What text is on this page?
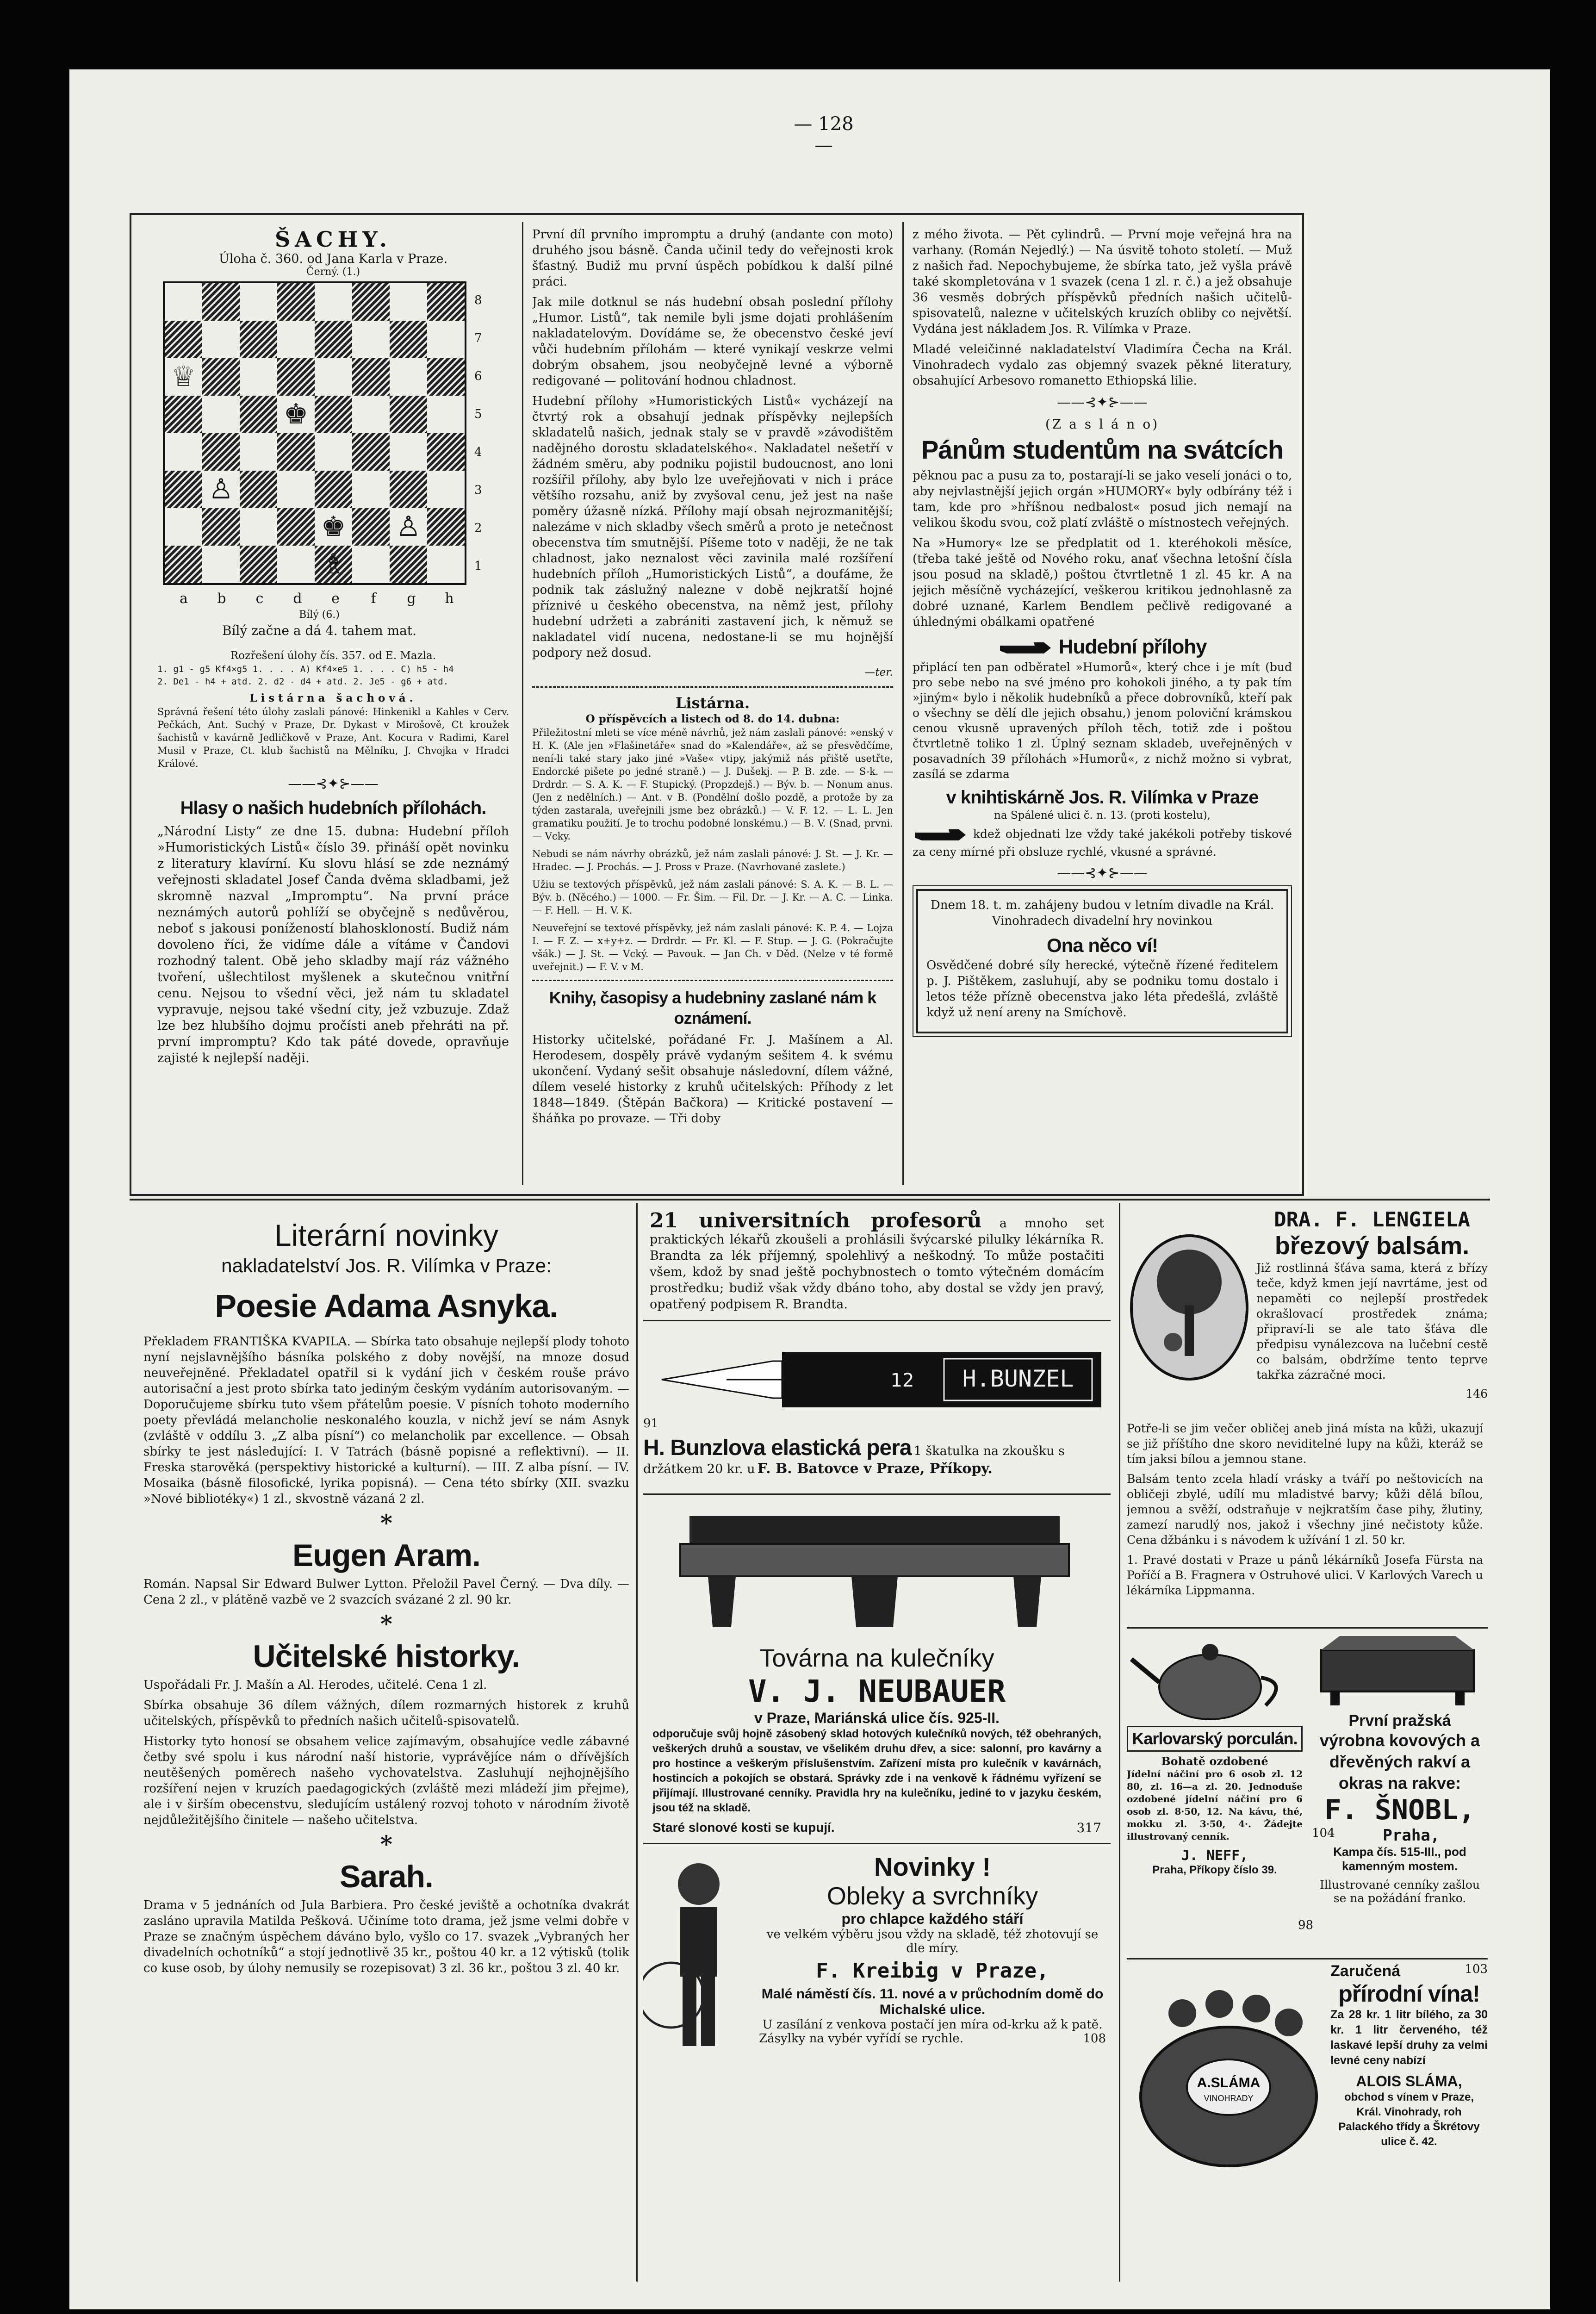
— 128 —
ŠACHY.
Úloha č. 360. od Jana Karla v Praze.
Černý. (1.)

♕							

			♚				

	♙						

				♚		♙	

				♗			

8
7
6
5
4
3
2
1
a	b	c	d	e	f	g	h
Bílý (6.)
Bílý začne a dá 4. tahem mat.
Rozřešení úlohy čís. 357. od E. Mazla.
1. g1 - g5 Kf4×g5 1. . . . A) Kf4×e5 1. . . . C) h5 - h4
2. De1 - h4 + atd. 2. d2 - d4 + atd. 2. Je5 - g6 + atd.
Listárna šachová.

Správná řešení této úlohy zaslali pánové: Hinkenikl a Kahles v Cerv. Pečkách, Ant. Suchý v Praze, Dr. Dykast v Mirošově, Ct kroužek šachistů v kavárně Jedličkově v Praze, Ant. Kocura v Radimi, Karel Musil v Praze, Ct. klub šachistů na Mělníku, J. Chvojka v Hradci Králové.

——⊰✦⊱——
Hlasy o našich hudebních přílohách.

„Národní Listy“ ze dne 15. dubna: Hudební příloh »Humoristických Listů« číslo 39. přináší opět novinku z literatury klavírní. Ku slovu hlásí se zde neznámý veřejnosti skladatel Josef Čanda dvěma skladbami, jež skromně nazval „Impromptu“. Na první práce neznámých autorů pohlíží se obyčejně s nedůvěrou, neboť s jakousi ponížeností blahoskloností. Budiž nám dovoleno říci, že vidíme dále a vítáme v Čandovi rozhodný talent. Obě jeho skladby mají ráz vážného tvoření, ušlechtilost myšlenek a skutečnou vnitřní cenu. Nejsou to všední věci, jež nám tu skladatel vypravuje, nejsou také všední city, jež vzbuzuje. Zdaž lze bez hlubšího dojmu pročísti aneb přehráti na př. první impromptu? Kdo tak páté dovede, opravňuje zajisté k nejlepší naději.

První díl prvního impromptu a druhý (andante con moto) druhého jsou básně. Čanda učinil tedy do veřejnosti krok šťastný. Budiž mu první úspěch pobídkou k další pilné práci.

Jak mile dotknul se nás hudební obsah poslední přílohy „Humor. Listů“, tak nemile byli jsme dojati prohlášením nakladatelovým. Dovídáme se, že obecenstvo české jeví vůči hudebním přílohám — které vynikají veskrze velmi dobrým obsahem, jsou neobyčejně levné a výborně redigované — politování hodnou chladnost.

Hudební přílohy »Humoristických Listů« vycházejí na čtvrtý rok a obsahují jednak příspěvky nejlepších skladatelů našich, jednak staly se v pravdě »závodištěm nadějného dorostu skladatelského«. Nakladatel nešetří v žádném směru, aby podniku pojistil budoucnost, ano loni rozšířil přílohy, aby bylo lze uveřejňovati v nich i práce většího rozsahu, aniž by zvyšoval cenu, jež jest na naše poměry úžasně nízká. Přílohy mají obsah nejrozmanitější; nalezáme v nich skladby všech směrů a proto je netečnost obecenstva tím smutnější. Píšeme toto v naději, že ne tak chladnost, jako neznalost věci zavinila malé rozšíření hudebních příloh „Humoristických Listů“, a doufáme, že podnik tak záslužný nalezne v době nejkratší hojné příznivé u českého obecenstva, na němž jest, přílohy hudební udržeti a zabrániti zastavení jich, k němuž se nakladatel vidí nucena, nedostane-li se mu hojnější podpory než dosud.

—ter.
Listárna.
O příspěvcích a listech od 8. do 14. dubna:

Přiležitostní mleti se více méně návrhů, jež nám zaslali pánové: »enský v H. K. (Ale jen »Flašinetáře« snad do »Kalendáře«, až se přesvědčíme, není-li také stary jako jiné »Vaše« vtipy, jakýmiž nás přiště usetřte, Endorcké pišete po jedné straně.) — J. Dušekj. — P. B. zde. — S-k. — Drdrdr. — S. A. K. — F. Stupický. (Propzdejš.) — Býv. b. — Nonum anus. (Jen z nedělních.) — Ant. v B. (Pondělní došlo pozdě, a protože by za týden zastarala, uveřejnili jsme bez obrázků.) — V. F. 12. — L. L. Jen gramatiku použití. Je to trochu podobné lonskému.) — B. V. (Snad, prvni. — Vcky.

Nebudi se nám návrhy obrázků, jež nám zaslali pánové: J. St. — J. Kr. — Hradec. — J. Prochás. — J. Pross v Praze. (Navrhované zaslete.)

Užiu se textových příspěvků, jež nám zaslali pánové: S. A. K. — B. L. — Býv. b. (Něcého.) — 1000. — Fr. Šim. — Fil. Dr. — J. Kr. — A. C. — Linka. — F. Hell. — H. V. K.

Neuveřejní se textové příspěvky, jež nám zaslali pánové: K. P. 4. — Lojza I. — F. Z. — x+y+z. — Drdrdr. — Fr. Kl. — F. Stup. — J. G. (Pokračujte všák.) — J. St. — Vcký. — Pavouk. — Jan Ch. v Děd. (Nelze v té formě uveřejnit.) — F. V. v M.

Knihy, časopisy a hudebniny zaslané nám k oznámení.

Historky učitelské, pořádané Fr. J. Mašínem a Al. Herodesem, dospěly právě vydaným sešitem 4. k svému ukončení. Vydaný sešit obsahuje následovní, dílem vážné, dílem veselé historky z kruhů učitelských: Příhody z let 1848—1849. (Štěpán Bačkora) — Kritické postavení — šháňka po provaze. — Tři doby

z mého života. — Pět cylindrů. — První moje veřejná hra na varhany. (Román Nejedlý.) — Na úsvitě tohoto století. — Muž z našich řad. Nepochybujeme, že sbírka tato, jež vyšla právě také skompletována v 1 svazek (cena 1 zl. r. č.) a jež obsahuje 36 vesměs dobrých příspěvků předních našich učitelů-spisovatelů, nalezne v učitelských kruzích obliby co největší. Vydána jest nákladem Jos. R. Vilímka v Praze.

Mladé veleičinné nakladatelství Vladimíra Čecha na Král. Vinohradech vydalo zas objemný svazek pěkné literatury, obsahující Arbesovo romanetto Ethiopská lilie.

——⊰✦⊱——
(Z a s l á n o)
Pánům studentům na svátcích

pěknou pac a pusu za to, postarají-li se jako veselí jonáci o to, aby nejvlastnější jejich orgán »HUMORY« byly odbírány též i tam, kde pro »hříšnou nedbalost« posud jich nemají na velikou škodu svou, což platí zvláště o místnostech veřejných.

Na »Humory« lze se předplatit od 1. kteréhokoli měsíce, (třeba také ještě od Nového roku, anať všechna letošní čísla jsou posud na skladě,) poštou čtvrtletně 1 zl. 45 kr. A na jejich měsíčně vycházející, veškerou kritikou jednohlasně za dobré uznané, Karlem Bendlem pečlivě redigované a úhlednými obálkami opatřené

Hudební přílohy

připlácí ten pan odběratel »Humorů«, který chce i je mít (buď pro sebe nebo na své jméno pro kohokoli jiného, a ty pak tím »jiným« bylo i několik hudebníků a přece dobrovníků, kteří pak o všechny se dělí dle jejich obsahu,) jenom poloviční krámskou cenou vkusně upravených příloh těch, totiž zde i poštou čtvrtletně toliko 1 zl. Úplný seznam skladeb, uveřejněných v posavadních 39 přílohách »Humorů«, z nichž možno si vybrat, zasílá se zdarma

v knihtiskárně Jos. R. Vilímka v Praze
na Spálené ulici č. n. 13. (proti kostelu),

kdež objednati lze vždy také jakékoli potřeby tiskové za ceny mírné při obsluze rychlé, vkusné a správné.

——⊰✦⊱——

Dnem 18. t. m. zahájeny budou v letním divadle na Král. Vinohradech divadelní hry novinkou

Ona něco ví!

Osvědčené dobré síly herecké, výtečně řízené ředitelem p. J. Pištěkem, zasluhují, aby se podniku tomu dostalo i letos téže přízně obecenstva jako léta předešlá, zvláště když už není areny na Smíchově.

Literární novinky
nakladatelství Jos. R. Vilímka v Praze:
Poesie Adama Asnyka.

Překladem FRANTIŠKA KVAPILA. — Sbírka tato obsahuje nejlepší plody tohoto nyní nejslavnějšího básníka polského z doby novější, na mnoze dosud neuveřejněné. Překladatel opatřil si k vydání jich v českém rouše právo autorisační a jest proto sbírka tato jediným českým vydáním autorisovaným. — Doporučujeme sbírku tuto všem přátelům poesie. V písních tohoto moderního poety převládá melancholie neskonalého kouzla, v nichž jeví se nám Asnyk (zvláště v oddílu 3. „Z alba písní“) co melancholik par excellence. — Obsah sbírky te jest následující: I. V Tatrách (básně popisné a reflektivní). — II. Freska starověká (perspektivy historické a kulturní). — III. Z alba písní. — IV. Mosaika (básně filosofické, lyrika popisná). — Cena této sbírky (XII. svazku »Nové bibliotéky«) 1 zl., skvostně vázaná 2 zl.

*
Eugen Aram.

Román. Napsal Sir Edward Bulwer Lytton. Přeložil Pavel Černý. — Dva díly. — Cena 2 zl., v plátěně vazbě ve 2 svazcích svázané 2 zl. 90 kr.

*
Učitelské historky.

Uspořádali Fr. J. Mašín a Al. Herodes, učitelé. Cena 1 zl.

Sbírka obsahuje 36 dílem vážných, dílem rozmarných historek z kruhů učitelských, příspěvků to předních našich učitelů-spisovatelů.

Historky tyto honosí se obsahem velice zajímavým, obsahujíce vedle zábavné četby své spolu i kus národní naší historie, vyprávějíce nám o dřívějších neutěšených poměrech našeho vychovatelstva. Zasluhují nejhojnějšího rozšíření nejen v kruzích paedagogických (zvláště mezi mládeží jim přejme), ale i v širším obecenstvu, sledujícím ustálený rozvoj tohoto v národním životě nejdůležitějšího činitele — našeho učitelstva.

*
Sarah.

Drama v 5 jednáních od Jula Barbiera. Pro české jeviště a ochotníka dvakrát zasláno upravila Matilda Pešková. Učiníme toto drama, jež jsme velmi dobře v Praze se značným úspěchem dáváno bylo, vyšlo co 17. svazek „Vybraných her divadelních ochotníků“ a stojí jednotlivě 35 kr., poštou 40 kr. a 12 výtisků (tolik co kuse osob, by úlohy nemusily se rozepisovat) 3 zl. 36 kr., poštou 3 zl. 40 kr.

21 universitních profesorů a mnoho set praktických lékařů zkoušeli a prohlásili švýcarské pilulky lékárníka R. Brandta za lék příjemný, spolehlivý a neškodný. To může postačiti všem, kdož by snad ještě pochybnostech o tomto výtečném domácím prostředku; budiž však vždy dbáno toho, aby dostal se vždy jen pravý, opatřený podpisem R. Brandta.

H.BUNZEL
12
91
H. Bunzlova elastická pera 1 škatulka na zkoušku s držátkem 20 kr. u F. B. Batovce v Praze, Příkopy.
Továrna na kulečníky
V. J. NEUBAUER
v Praze, Mariánská ulice čís. 925-II.

odporučuje svůj hojně zásobený sklad hotových kulečníků nových, též obehraných, veškerých druhů a soustav, ve všelikém druhu dřev, a sice: salonní, pro kavárny a pro hostince a veškerým příslušenstvím. Zařízení místa pro kulečník v kavárnách, hostincích a pokojích se obstará. Správky zde i na venkově k řádnému vyřízení se přijímají. Illustrované cenníky. Pravidla hry na kulečníku, jediné to v jazyku českém, jsou též na skladě.

Staré slonové kosti se kupují.	317
Novinky !
Obleky a svrchníky
pro chlapce každého stáří
ve velkém výběru jsou vždy na skladě, též zhotovují se dle míry.
F. Kreibig v Praze,
Malé náměstí čís. 11. nové a v průchodním domě do Michalské ulice.
U zasílání z venkova postačí jen míra od-krku až k patě.
Zásylky na vybér vyřídí se rychle.	108
DRA. F. LENGIELA
březový balsám.

Již rostlinná šťáva sama, která z břízy teče, když kmen její navrtáme, jest od nepaměti co nejlepší prostředek okrašlovací prostředek známa; připraví-li se ale tato šťáva dle předpisu vynálezcova na lučební cestě co balsám, obdržíme tento teprve takřka zázračné moci.

146

Potře-li se jim večer obličej aneb jiná místa na kůži, ukazují se již příštího dne skoro neviditelné lupy na kůži, kteráž se tím jaksi bílou a jemnou stane.

Balsám tento zcela hladí vrásky a tváří po neštovicích na obličeji zbylé, udílí mu mladistvé barvy; kůži dělá bílou, jemnou a svěží, odstraňuje v nejkratším čase pihy, žlutiny, zamezí narudlý nos, jakož i všechny jiné nečistoty kůže. Cena džbánku i s návodem k užívání 1 zl. 50 kr.

1. Pravé dostati v Praze u pánů lékárníků Josefa Fürsta na Poříčí a B. Fragnera v Ostruhové ulici. V Karlových Varech u lékárníka Lippmanna.

Karlovarský porculán.
Bohatě ozdobené

Jídelní náčiní pro 6 osob zl. 12 80, zl. 16—a zl. 20. Jednoduše ozdobené jídelní náčiní pro 6 osob zl. 8·50, 12. Na kávu, thé, mokku zl. 3·50, 4·. Žádejte illustrovaný cenník.

J. NEFF,
Praha, Příkopy číslo 39.
98
První pražská
výrobna kovových a dřevěných rakví a okras na rakve:
F. ŠNOBL,
104	Praha,
Kampa čís. 515-III., pod kamenným mostem.
Illustrované cenníky zašlou se na požádání franko.
A.SLÁMA
VINOHRADY
Zaručená	103
přírodní vína!

Za 28 kr. 1 litr bílého, za 30 kr. 1 litr červeného, též laskavé lepší druhy za velmi levné ceny nabízí

ALOIS SLÁMA,
obchod s vínem v Praze, Král. Vinohrady, roh Palackého třídy a Škrétovy ulice č. 42.
